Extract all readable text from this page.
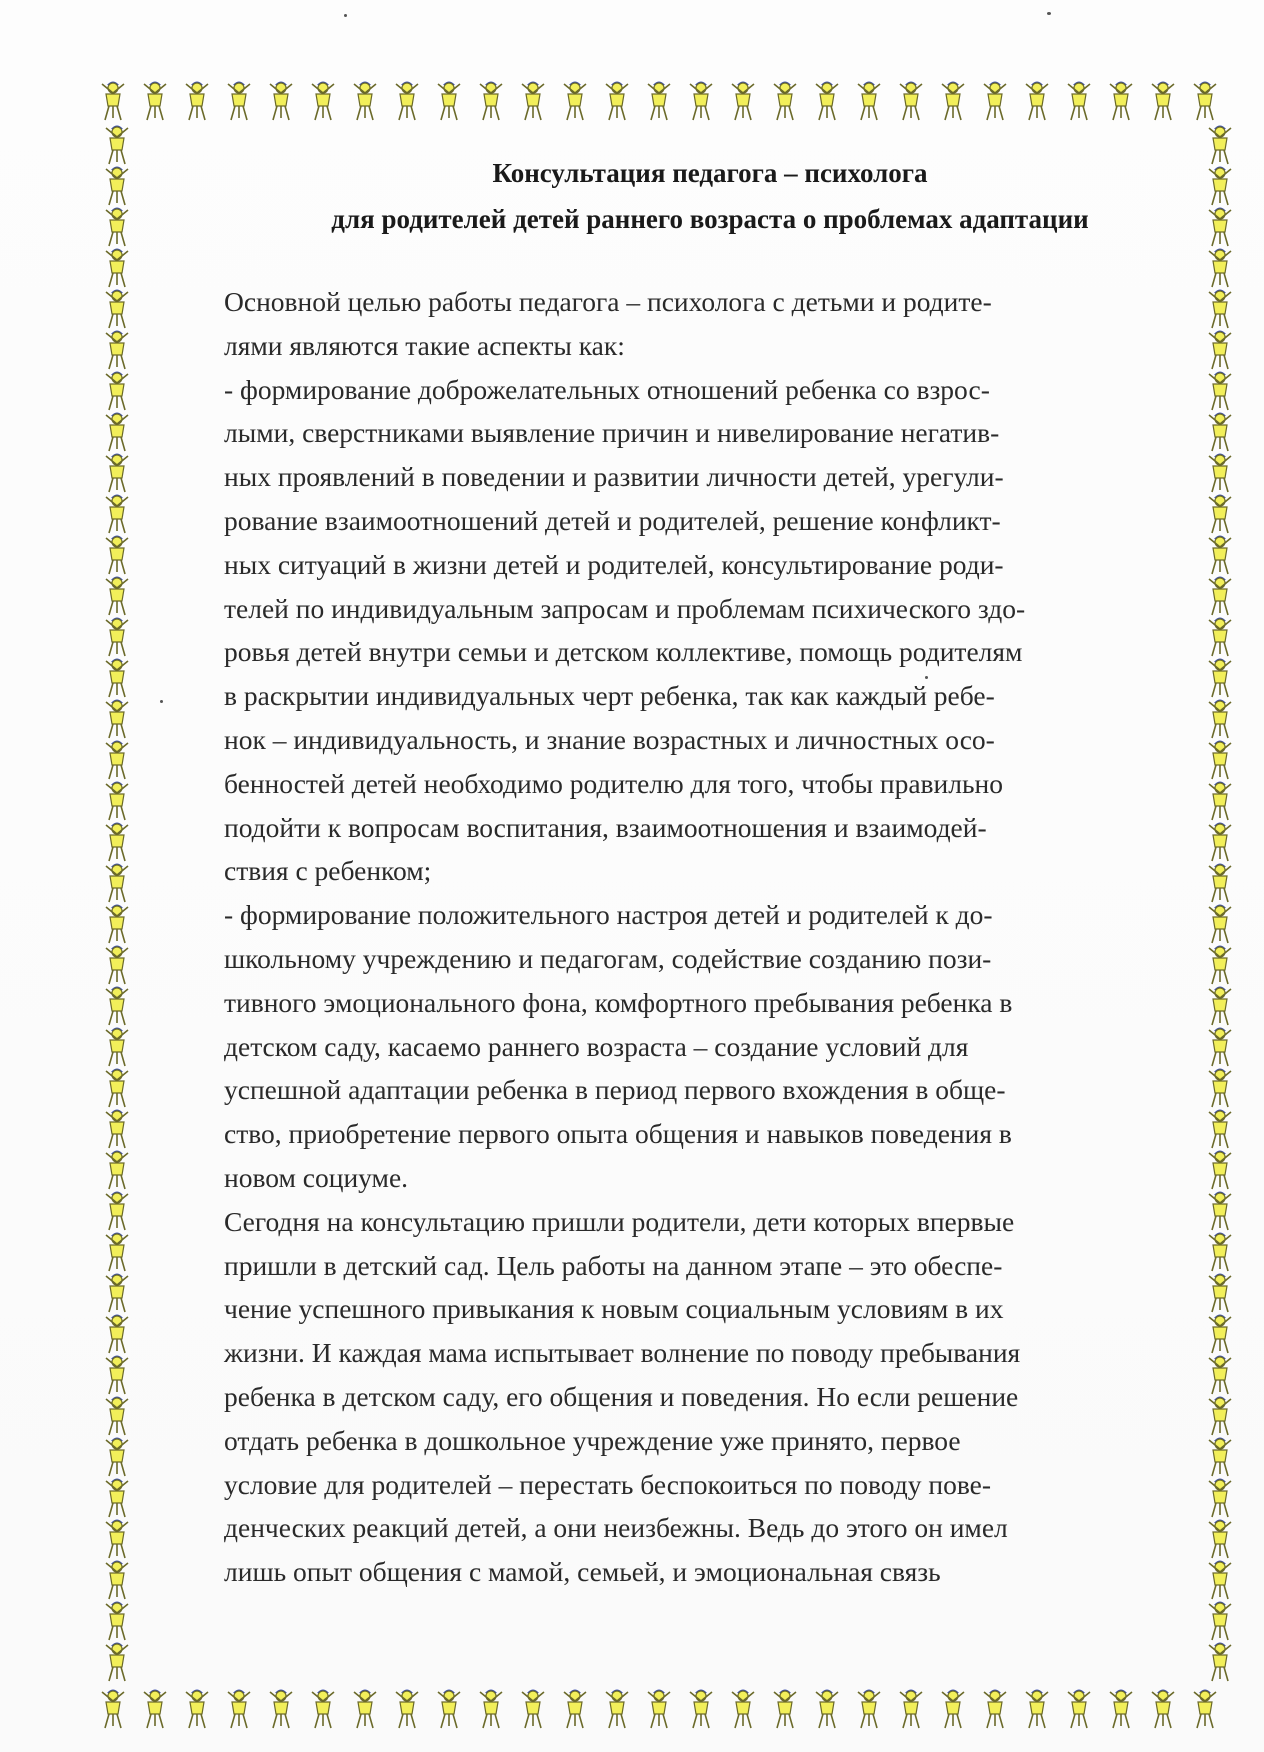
Консультация педагога – психолога
для родителей детей раннего возраста о проблемах адаптации
Основной целью работы педагога – психолога с детьми и родите-
лями являются такие аспекты как:
- формирование доброжелательных отношений ребенка со взрос-
лыми, сверстниками выявление причин и нивелирование негатив-
ных проявлений в поведении и развитии личности детей, урегули-
рование взаимоотношений детей и родителей, решение конфликт-
ных ситуаций в жизни детей и родителей, консультирование роди-
телей по индивидуальным запросам и проблемам психического здо-
ровья детей внутри семьи и детском коллективе, помощь родителям
в раскрытии индивидуальных черт ребенка, так как каждый ребе-
нок – индивидуальность, и знание возрастных и личностных осо-
бенностей детей необходимо родителю для того, чтобы правильно
подойти к вопросам воспитания, взаимоотношения и взаимодей-
ствия с ребенком;
- формирование положительного настроя детей и родителей к до-
школьному учреждению и педагогам, содействие созданию пози-
тивного эмоционального фона, комфортного пребывания ребенка в
детском саду, касаемо раннего возраста – создание условий для
успешной адаптации ребенка в период первого вхождения в обще-
ство, приобретение первого опыта общения и навыков поведения в
новом социуме.
Сегодня на консультацию пришли родители, дети которых впервые
пришли в детский сад. Цель работы на данном этапе – это обеспе-
чение успешного привыкания к новым социальным условиям в их
жизни. И каждая мама испытывает волнение по поводу пребывания
ребенка в детском саду, его общения и поведения. Но если решение
отдать ребенка в дошкольное учреждение уже принято, первое
условие для родителей – перестать беспокоиться по поводу пове-
денческих реакций детей, а они неизбежны. Ведь до этого он имел
лишь опыт общения с мамой, семьей, и эмоциональная связь
